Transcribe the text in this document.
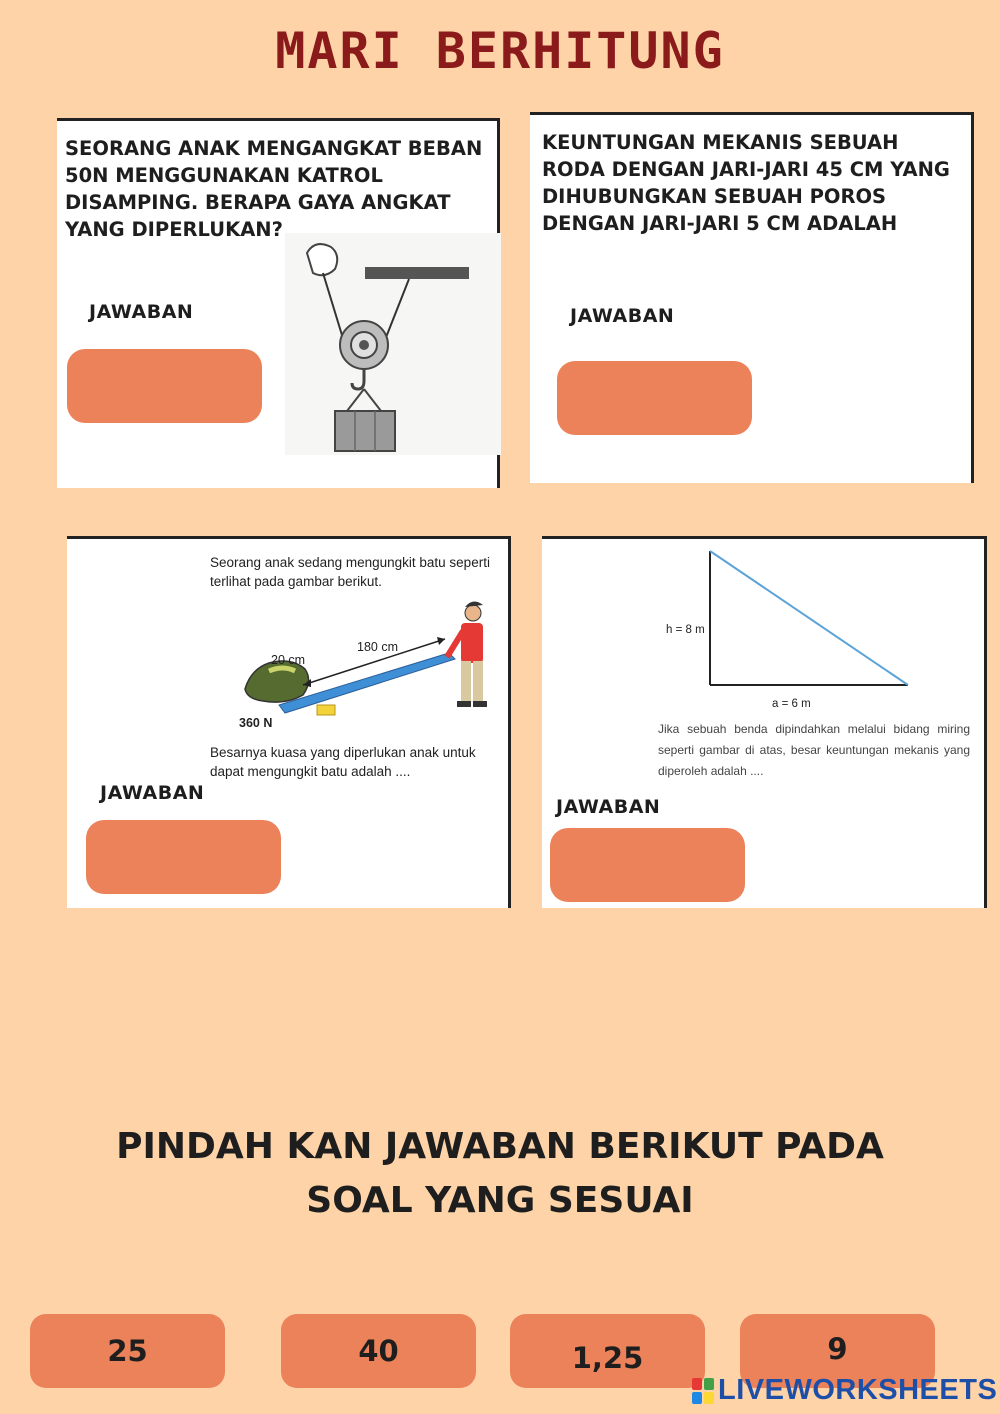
MARI BERHITUNG
SEORANG ANAK MENGANGKAT BEBAN 50N MENGGUNAKAN KATROL DISAMPING. BERAPA GAYA ANGKAT YANG DIPERLUKAN?
JAWABAN
KEUNTUNGAN MEKANIS SEBUAH RODA DENGAN JARI-JARI 45 CM YANG DIHUBUNGKAN SEBUAH POROS DENGAN JARI-JARI 5 CM ADALAH
JAWABAN
Seorang anak sedang mengungkit batu seperti terlihat pada gambar berikut.
20 cm
180 cm
360 N
Besarnya kuasa yang diperlukan anak untuk dapat mengungkit batu adalah ....
JAWABAN
h = 8 m
a = 6 m
Jika sebuah benda dipindahkan melalui bidang miring seperti gambar di atas, besar keuntungan mekanis yang diperoleh adalah ....
JAWABAN
PINDAH KAN JAWABAN BERIKUT PADA SOAL YANG SESUAI
25	40	1,25	9
LIVEWORKSHEETS
